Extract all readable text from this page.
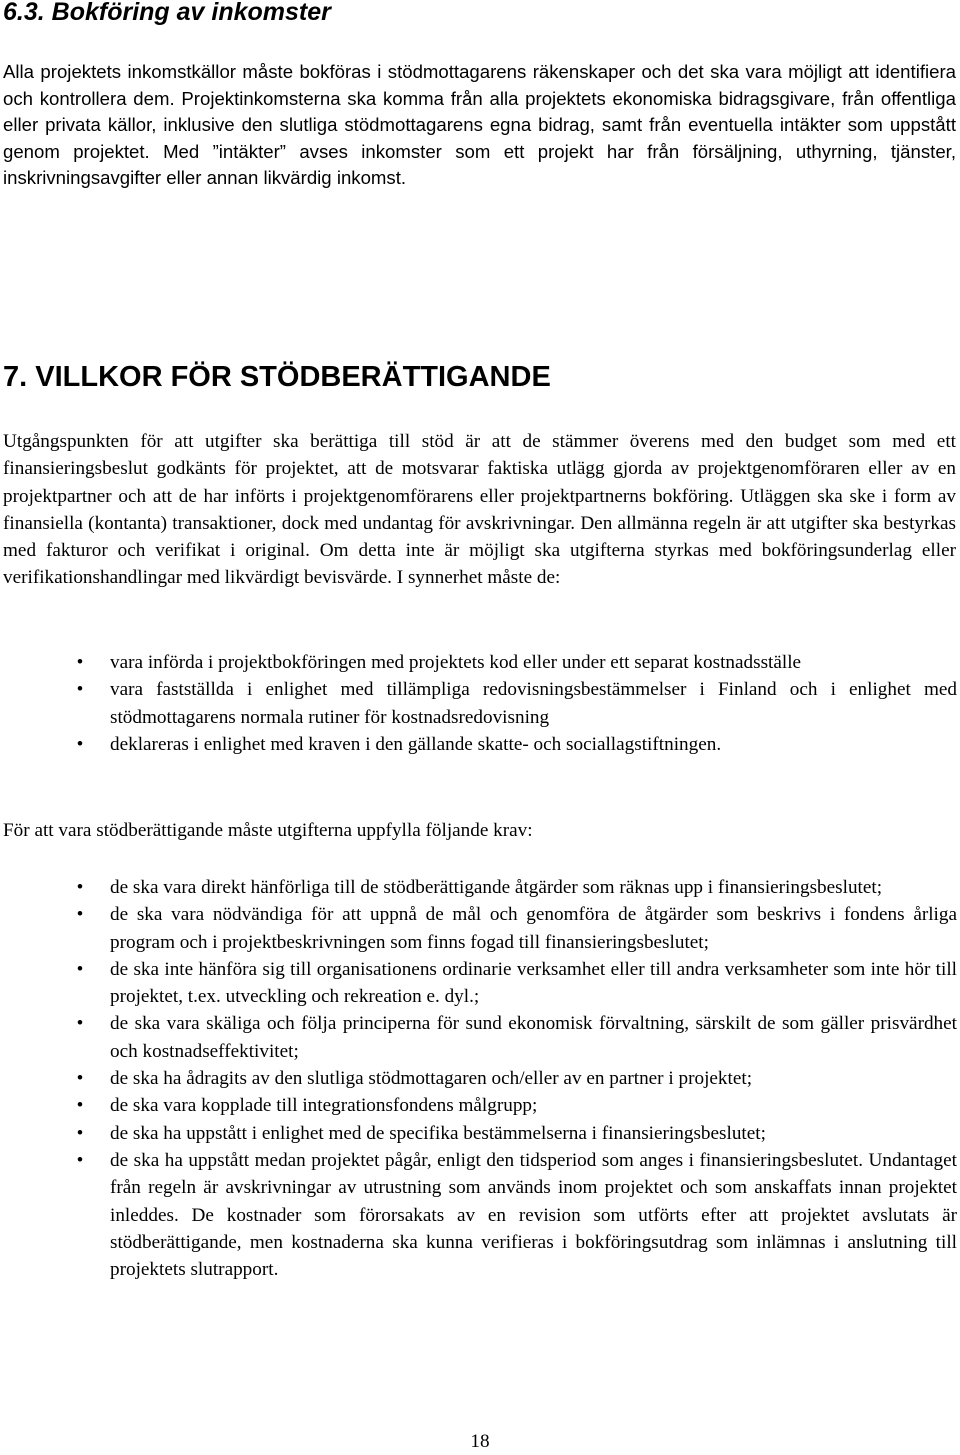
6.3. Bokföring av inkomster

Alla projektets inkomstkällor måste bokföras i stödmottagarens räkenskaper och det ska vara möjligt att identifiera och kontrollera dem. Projektinkomsterna ska komma från alla projektets ekonomiska bidragsgivare, från offentliga eller privata källor, inklusive den slutliga stödmottagarens egna bidrag, samt från eventuella intäkter som uppstått genom projektet. Med ”intäkter” avses inkomster som ett projekt har från försäljning, uthyrning, tjänster, inskrivningsavgifter eller annan likvärdig inkomst.

7. VILLKOR FÖR STÖDBERÄTTIGANDE

Utgångspunkten för att utgifter ska berättiga till stöd är att de stämmer överens med den budget som med ett finansieringsbeslut godkänts för projektet, att de motsvarar faktiska utlägg gjorda av projektgenomföraren eller av en projektpartner och att de har införts i projektgenomförarens eller projektpartnerns bokföring. Utläggen ska ske i form av finansiella (kontanta) transaktioner, dock med undantag för avskrivningar. Den allmänna regeln är att utgifter ska bestyrkas med fakturor och verifikat i original. Om detta inte är möjligt ska utgifterna styrkas med bokföringsunderlag eller verifikationshandlingar med likvärdigt bevisvärde. I synnerhet måste de:

• vara införda i projektbokföringen med projektets kod eller under ett separat kostnadsställe
• vara fastställda i enlighet med tillämpliga redovisningsbestämmelser i Finland och i enlighet med stödmottagarens normala rutiner för kostnadsredovisning
• deklareras i enlighet med kraven i den gällande skatte- och sociallagstiftningen.

För att vara stödberättigande måste utgifterna uppfylla följande krav:

• de ska vara direkt hänförliga till de stödberättigande åtgärder som räknas upp i finansieringsbeslutet;
• de ska vara nödvändiga för att uppnå de mål och genomföra de åtgärder som beskrivs i fondens årliga program och i projektbeskrivningen som finns fogad till finansieringsbeslutet;
• de ska inte hänföra sig till organisationens ordinarie verksamhet eller till andra verksamheter som inte hör till projektet, t.ex. utveckling och rekreation e. dyl.;
• de ska vara skäliga och följa principerna för sund ekonomisk förvaltning, särskilt de som gäller prisvärdhet och kostnadseffektivitet;
• de ska ha ådragits av den slutliga stödmottagaren och/eller av en partner i projektet;
• de ska vara kopplade till integrationsfondens målgrupp;
• de ska ha uppstått i enlighet med de specifika bestämmelserna i finansieringsbeslutet;
• de ska ha uppstått medan projektet pågår, enligt den tidsperiod som anges i finansieringsbeslutet. Undantaget från regeln är avskrivningar av utrustning som används inom projektet och som anskaffats innan projektet inleddes. De kostnader som förorsakats av en revision som utförts efter att projektet avslutats är stödberättigande, men kostnaderna ska kunna verifieras i bokföringsutdrag som inlämnas i anslutning till projektets slutrapport.
18
